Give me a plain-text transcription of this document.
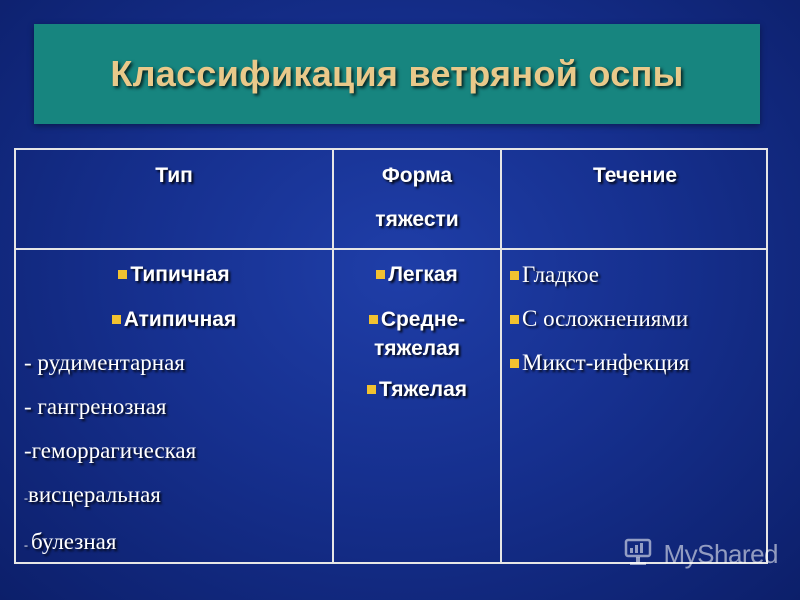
Классификация ветряной оспы
Тип	Форма
тяжести
Течение
Типичная
Атипичная
- рудиментарная
- гангренозная
-геморрагическая
-висцеральная
- булезная
Легкая
Средне-
тяжелая
Тяжелая
Гладкое
С осложнениями
Микст-инфекция
MyShared
